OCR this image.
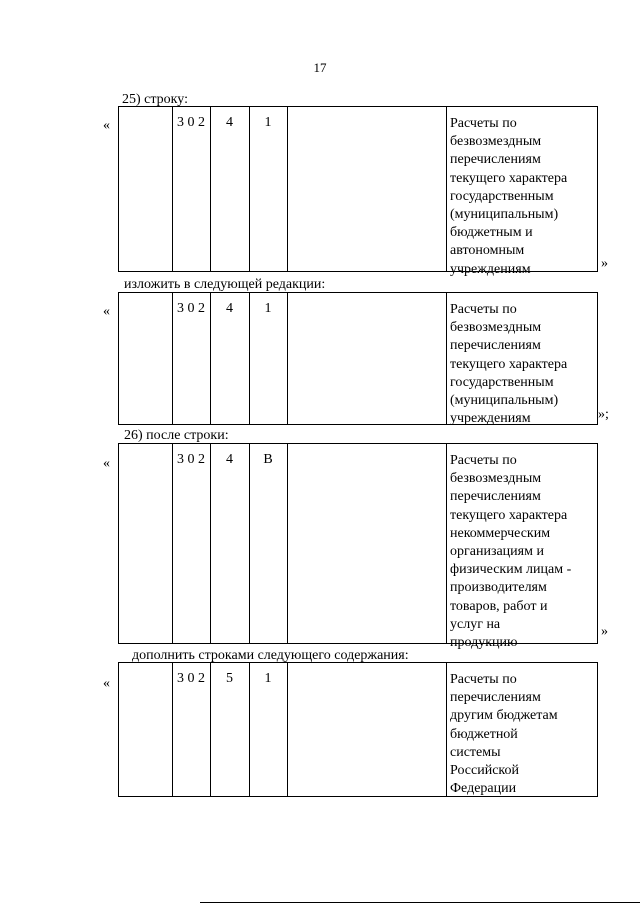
17
25) строку:
«	3 0 2	4	1	Расчеты по
безвозмездным
перечислениям
текущего характера
государственным
(муниципальным)
бюджетным и
автономным
учреждениям	»
изложить в следующей редакции:
«	3 0 2	4	1	Расчеты по
безвозмездным
перечислениям
текущего характера
государственным
(муниципальным)
учреждениям	»;
26) после строки:
«	3 0 2	4	В	Расчеты по
безвозмездным
перечислениям
текущего характера
некоммерческим
организациям и
физическим лицам -
производителям
товаров, работ и
услуг на
продукцию
»
дополнить строками следующего содержания:
«	3 0 2	5	1	Расчеты по
перечислениям
другим бюджетам
бюджетной
системы
Российской
Федерации
